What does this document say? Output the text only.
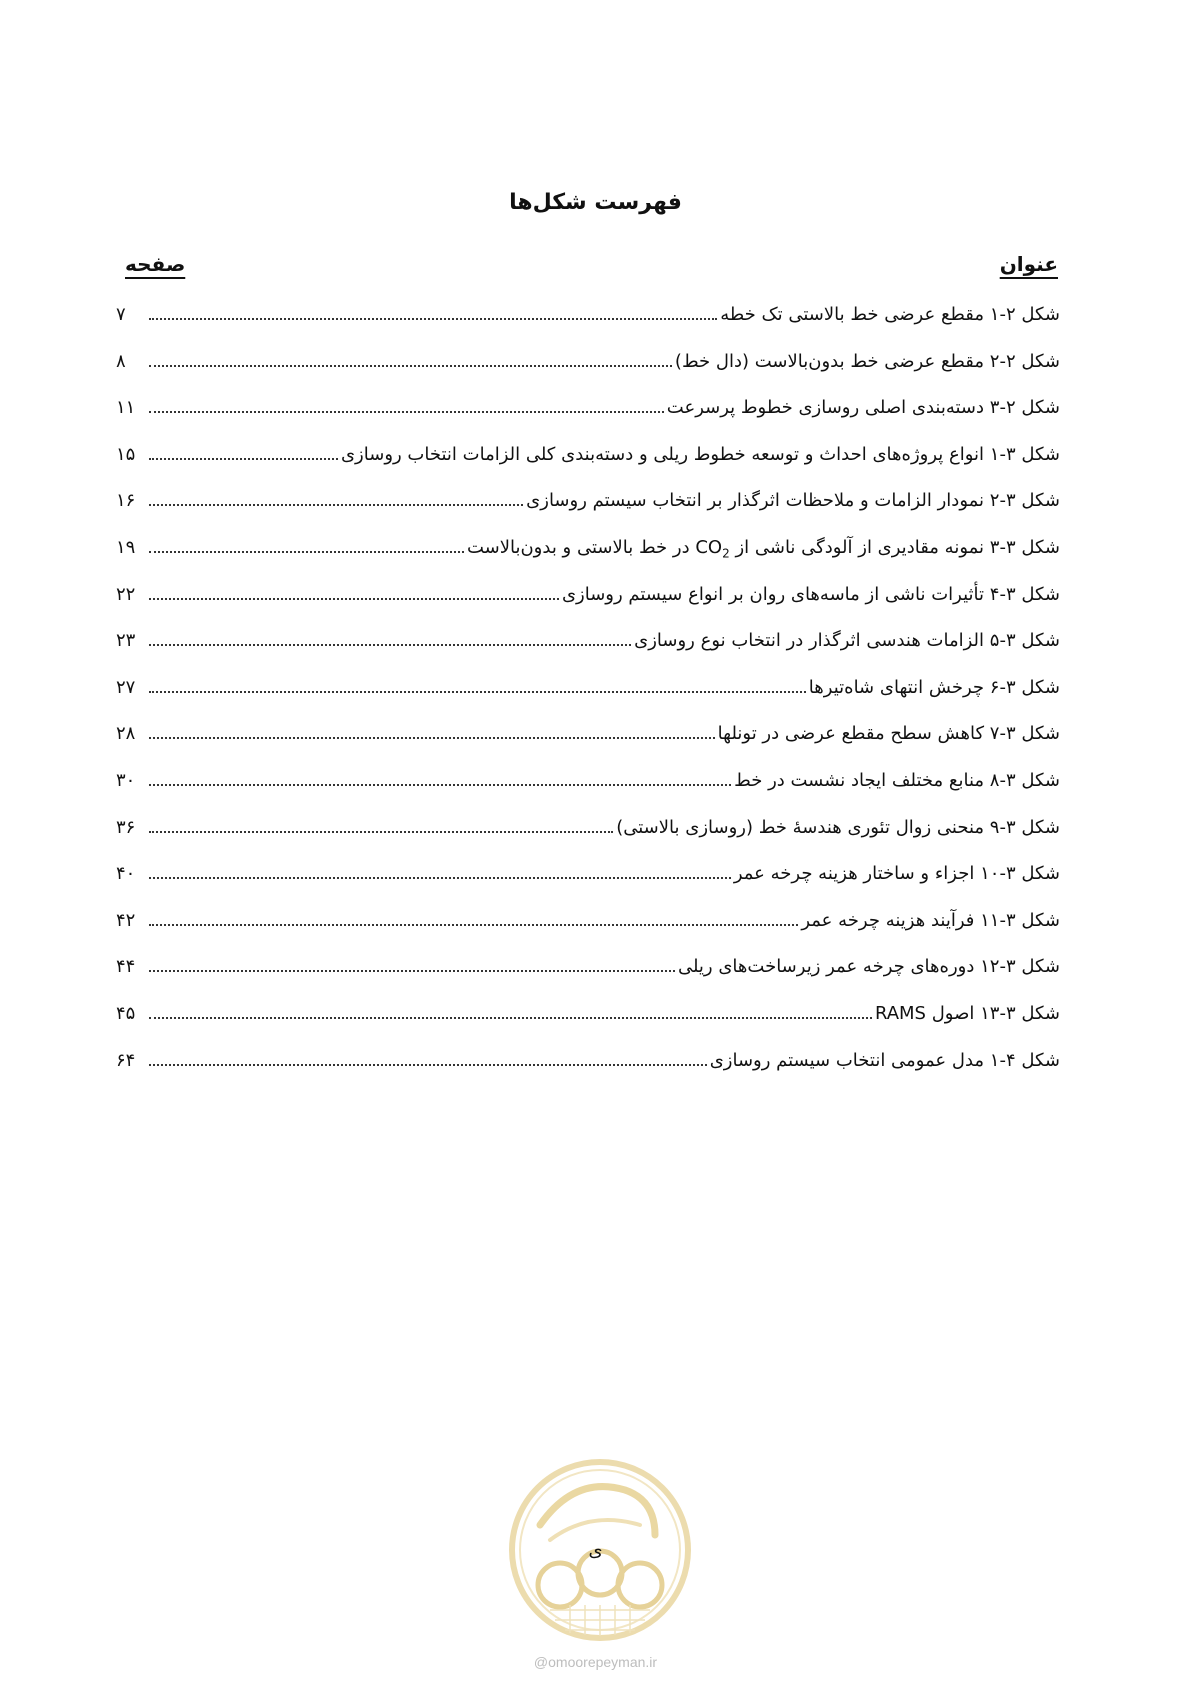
فهرست شکل‌ها
عنوان
صفحه
شکل ۲-۱ مقطع عرضی خط بالاستی تک خطه
۷
شکل ۲-۲ مقطع عرضی خط بدون‌بالاست (دال خط)
۸
شکل ۲-۳ دسته‌بندی اصلی روسازی خطوط پرسرعت
۱۱
شکل ۳-۱ انواع پروژه‌های احداث و توسعه خطوط ریلی و دسته‌بندی کلی الزامات انتخاب روسازی
۱۵
شکل ۳-۲ نمودار الزامات و ملاحظات اثرگذار بر انتخاب سیستم روسازی
۱۶
شکل ۳-۳ نمونه مقادیری از آلودگی ناشی از $CO_2$ در خط بالاستی و بدون‌بالاست
۱۹
شکل ۳-۴ تأثیرات ناشی از ماسه‌های روان بر انواع سیستم روسازی
۲۲
شکل ۳-۵ الزامات هندسی اثرگذار در انتخاب نوع روسازی
۲۳
شکل ۳-۶ چرخش انتهای شاه‌تیرها
۲۷
شکل ۳-۷ کاهش سطح مقطع عرضی در تونلها
۲۸
شکل ۳-۸ منابع مختلف ایجاد نشست در خط
۳۰
شکل ۳-۹ منحنی زوال تئوری هندسهٔ خط (روسازی بالاستی)
۳۶
شکل ۳-۱۰ اجزاء و ساختار هزینه چرخه عمر
۴۰
شکل ۳-۱۱ فرآیند هزینه چرخه عمر
۴۲
شکل ۳-۱۲ دوره‌های چرخه عمر زیرساخت‌های ریلی
۴۴
شکل ۳-۱۳ اصول RAMS
۴۵
شکل ۴-۱ مدل عمومی انتخاب سیستم روسازی
۶۴
ی
@omoorepeyman.ir
